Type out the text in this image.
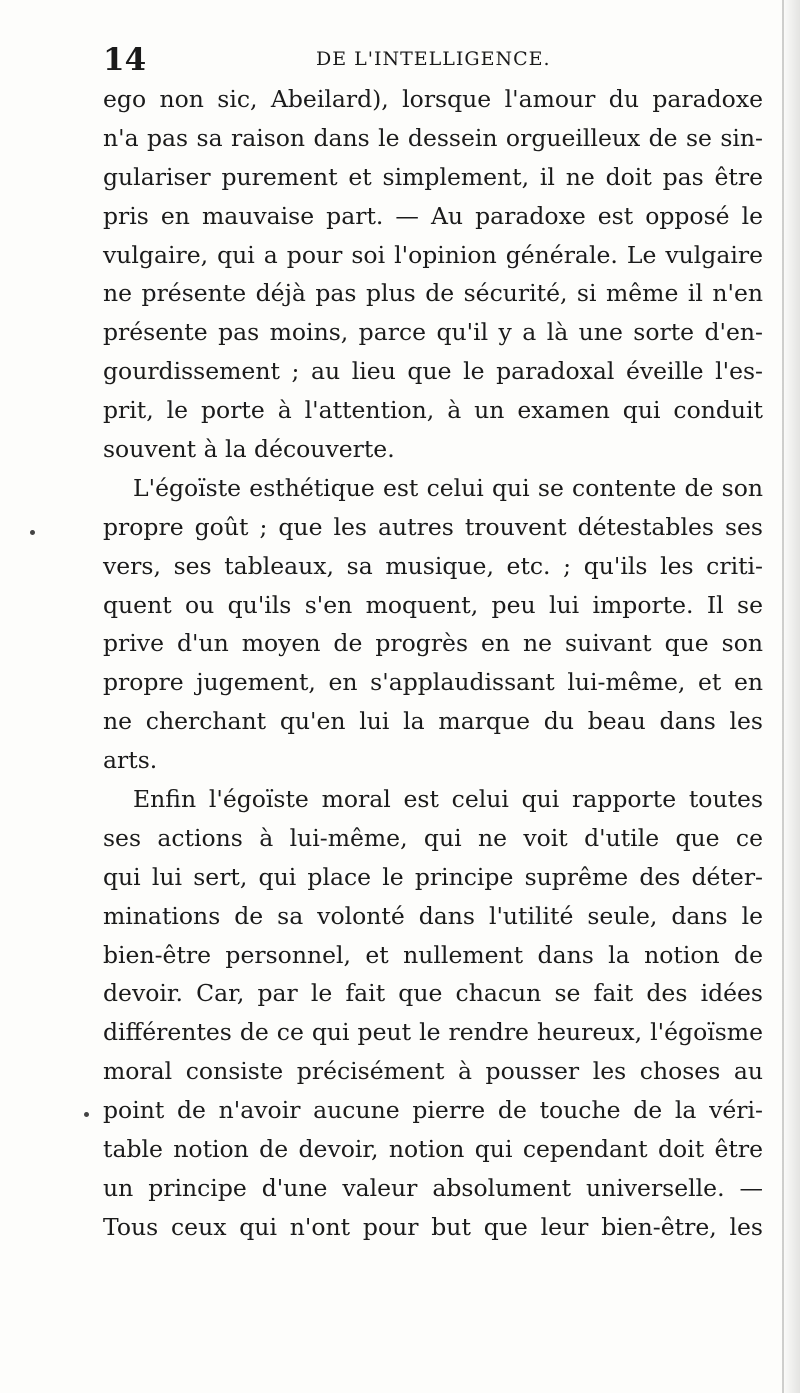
14	DE L'INTELLIGENCE.
ego non sic, Abeilard), lorsque l'amour du paradoxe
n'a pas sa raison dans le dessein orgueilleux de se sin-
gulariser purement et simplement, il ne doit pas être
pris en mauvaise part. — Au paradoxe est opposé le
vulgaire, qui a pour soi l'opinion générale. Le vulgaire
ne présente déjà pas plus de sécurité, si même il n'en
présente pas moins, parce qu'il y a là une sorte d'en-
gourdissement ; au lieu que le paradoxal éveille l'es-
prit, le porte à l'attention, à un examen qui conduit
souvent à la découverte.
L'égoïste esthétique est celui qui se contente de son
propre goût ; que les autres trouvent détestables ses
vers, ses tableaux, sa musique, etc. ; qu'ils les criti-
quent ou qu'ils s'en moquent, peu lui importe. Il se
prive d'un moyen de progrès en ne suivant que son
propre jugement, en s'applaudissant lui-même, et en
ne cherchant qu'en lui la marque du beau dans les
arts.
Enfin l'égoïste moral est celui qui rapporte toutes
ses actions à lui-même, qui ne voit d'utile que ce
qui lui sert, qui place le principe suprême des déter-
minations de sa volonté dans l'utilité seule, dans le
bien-être personnel, et nullement dans la notion de
devoir. Car, par le fait que chacun se fait des idées
différentes de ce qui peut le rendre heureux, l'égoïsme
moral consiste précisément à pousser les choses au
point de n'avoir aucune pierre de touche de la véri-
table notion de devoir, notion qui cependant doit être
un principe d'une valeur absolument universelle. —
Tous ceux qui n'ont pour but que leur bien-être, les
